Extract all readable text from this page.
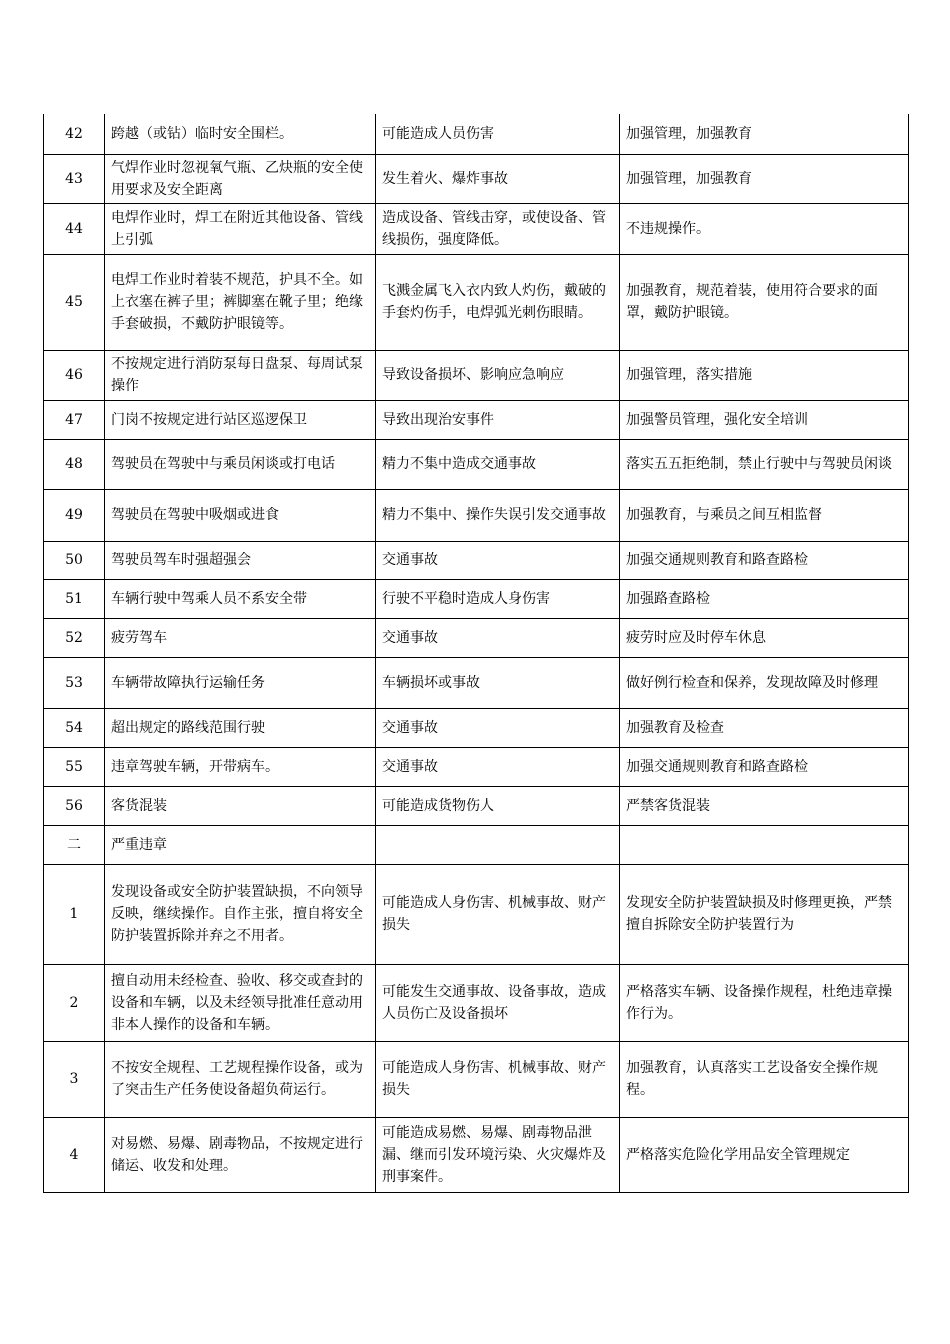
42	跨越（或钻）临时安全围栏。	可能造成人员伤害	加强管理，加强教育
43	气焊作业时忽视氧气瓶、乙炔瓶的安全使用要求及安全距离	发生着火、爆炸事故	加强管理，加强教育
44	电焊作业时，焊工在附近其他设备、管线上引弧	造成设备、管线击穿，或使设备、管线损伤，强度降低。	不违规操作。
45	电焊工作业时着装不规范，护具不全。如上衣塞在裤子里；裤脚塞在靴子里；绝缘手套破损，不戴防护眼镜等。	飞溅金属飞入衣内致人灼伤，戴破的手套灼伤手，电焊弧光刺伤眼睛。	加强教育，规范着装，使用符合要求的面罩，戴防护眼镜。
46	不按规定进行消防泵每日盘泵、每周试泵操作	导致设备损坏、影响应急响应	加强管理，落实措施
47	门岗不按规定进行站区巡逻保卫	导致出现治安事件	加强警员管理，强化安全培训
48	驾驶员在驾驶中与乘员闲谈或打电话	精力不集中造成交通事故	落实五五拒绝制，禁止行驶中与驾驶员闲谈
49	驾驶员在驾驶中吸烟或进食	精力不集中、操作失误引发交通事故	加强教育，与乘员之间互相监督
50	驾驶员驾车时强超强会	交通事故	加强交通规则教育和路查路检
51	车辆行驶中驾乘人员不系安全带	行驶不平稳时造成人身伤害	加强路查路检
52	疲劳驾车	交通事故	疲劳时应及时停车休息
53	车辆带故障执行运输任务	车辆损坏或事故	做好例行检查和保养，发现故障及时修理
54	超出规定的路线范围行驶	交通事故	加强教育及检查
55	违章驾驶车辆，开带病车。	交通事故	加强交通规则教育和路查路检
56	客货混装	可能造成货物伤人	严禁客货混装
二	严重违章		
1	发现设备或安全防护装置缺损，不向领导反映，继续操作。自作主张，擅自将安全防护装置拆除并弃之不用者。	可能造成人身伤害、机械事故、财产损失	发现安全防护装置缺损及时修理更换，严禁擅自拆除安全防护装置行为
2	擅自动用未经检查、验收、移交或查封的设备和车辆，以及未经领导批准任意动用非本人操作的设备和车辆。	可能发生交通事故、设备事故，造成人员伤亡及设备损坏	严格落实车辆、设备操作规程，杜绝违章操作行为。
3	不按安全规程、工艺规程操作设备，或为了突击生产任务使设备超负荷运行。	可能造成人身伤害、机械事故、财产损失	加强教育，认真落实工艺设备安全操作规程。
4	对易燃、易爆、剧毒物品，不按规定进行储运、收发和处理。	可能造成易燃、易爆、剧毒物品泄漏、继而引发环境污染、火灾爆炸及刑事案件。	严格落实危险化学用品安全管理规定
